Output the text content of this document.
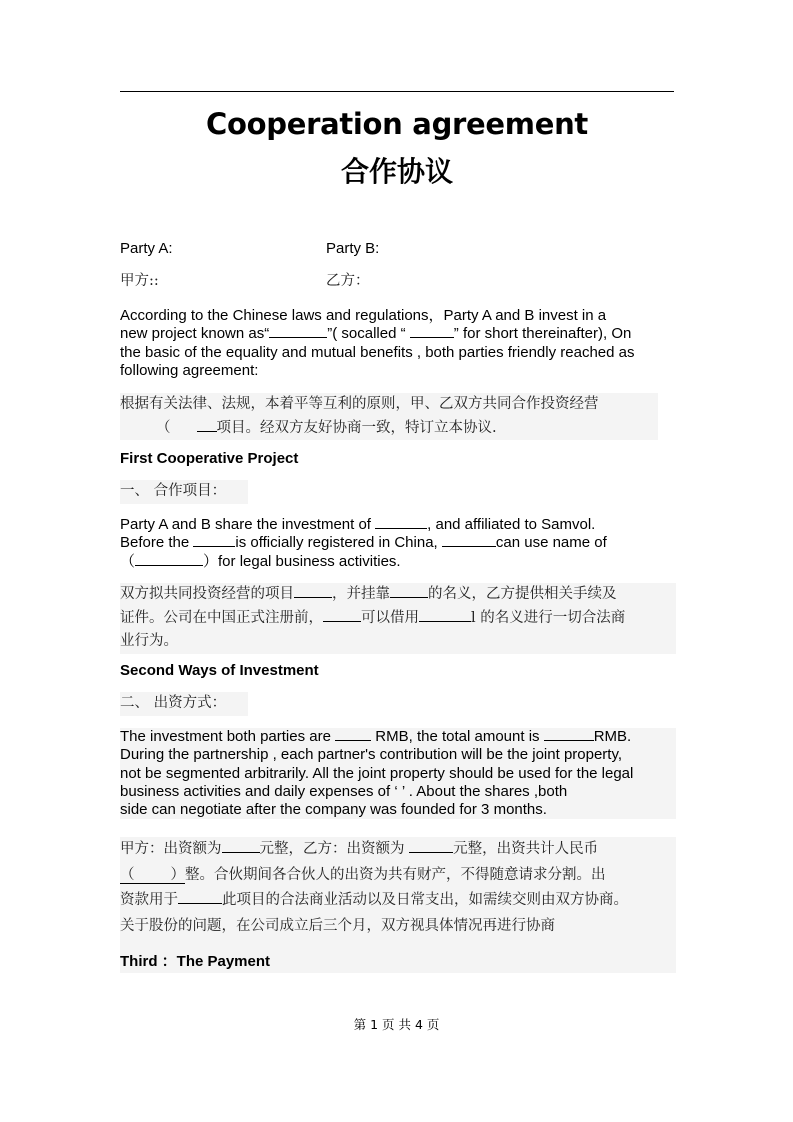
Cooperation agreement
合作协议
Party A:	Party B:
甲方::	乙方：
According to the Chinese laws and regulations，Party A and B invest in a
new project known as“	”( socalled “	” for short thereinafter), On
the basic of the equality and mutual benefits , both parties friendly reached as
following agreement:
根据有关法律、法规，本着平等互利的原则，甲、乙双方共同合作投资经营
（	项目。经双方友好协商一致，特订立本协议.
First Cooperative Project
一、 合作项目：
Party A and B share the investment of	, and affiliated to Samvol.
Before the	is officially registered in China,	can use name of
（	）for legal business activities.
双方拟共同投资经营的项目	，并挂靠	的名义，乙方提供相关手续及
证件。公司在中国正式注册前，	可以借用	l 的名义进行一切合法商
业行为。
Second Ways of Investment
二、 出资方式：
The investment both parties are  RMB, the total amount is	RMB.
During the partnership , each partner's contribution will be the joint property,
not be segmented arbitrarily. All the joint property should be used for the legal
business activities and daily expenses of ‘ ’ . About the shares ,both
side can negotiate after the company was founded for 3 months.
甲方：出资额为	元整，乙方：出资额为	元整，出资共计人民币
（ ）整。合伙期间各合伙人的出资为共有财产，不得随意请求分割。出
资款用于	此项目的合法商业活动以及日常支出，如需续交则由双方协商。
关于股份的问题，在公司成立后三个月，双方视具体情况再进行协商
Third ：The Payment
第 1 页 共 4 页
